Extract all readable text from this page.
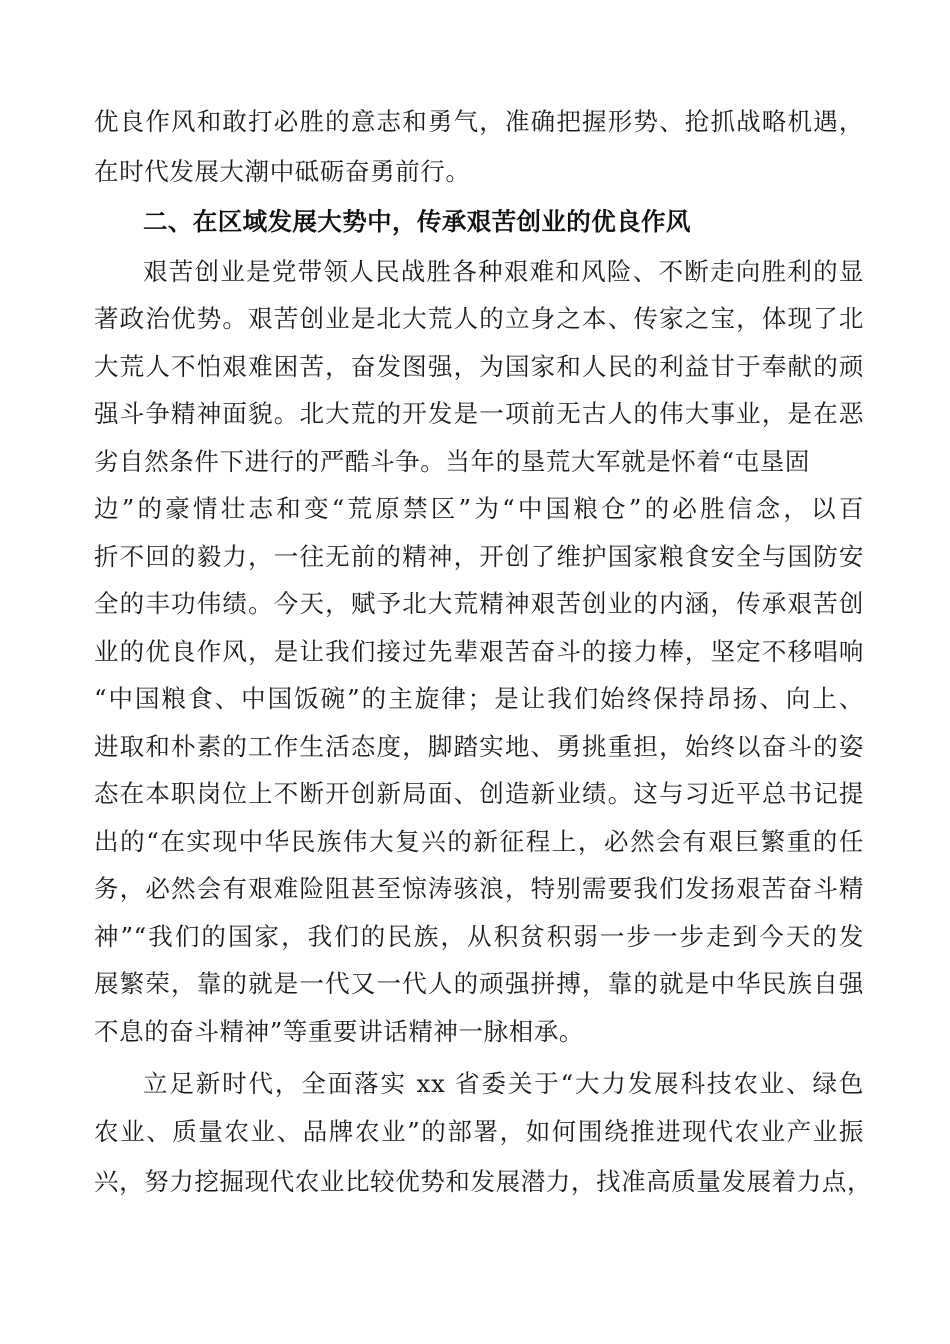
优良作风和敢打必胜的意志和勇气，准确把握形势、抢抓战略机遇，
在时代发展大潮中砥砺奋勇前行。
二、在区域发展大势中，传承艰苦创业的优良作风
艰苦创业是党带领人民战胜各种艰难和风险、不断走向胜利的显
著政治优势。艰苦创业是北大荒人的立身之本、传家之宝，体现了北
大荒人不怕艰难困苦，奋发图强，为国家和人民的利益甘于奉献的顽
强斗争精神面貌。北大荒的开发是一项前无古人的伟大事业，是在恶
劣自然条件下进行的严酷斗争。当年的垦荒大军就是怀着“屯垦固
边”的豪情壮志和变“荒原禁区”为“中国粮仓”的必胜信念，以百
折不回的毅力，一往无前的精神，开创了维护国家粮食安全与国防安
全的丰功伟绩。今天，赋予北大荒精神艰苦创业的内涵，传承艰苦创
业的优良作风，是让我们接过先辈艰苦奋斗的接力棒，坚定不移唱响
“中国粮食、中国饭碗”的主旋律；是让我们始终保持昂扬、向上、
进取和朴素的工作生活态度，脚踏实地、勇挑重担，始终以奋斗的姿
态在本职岗位上不断开创新局面、创造新业绩。这与习近平总书记提
出的“在实现中华民族伟大复兴的新征程上，必然会有艰巨繁重的任
务，必然会有艰难险阻甚至惊涛骇浪，特别需要我们发扬艰苦奋斗精
神”“我们的国家，我们的民族，从积贫积弱一步一步走到今天的发
展繁荣，靠的就是一代又一代人的顽强拼搏，靠的就是中华民族自强
不息的奋斗精神”等重要讲话精神一脉相承。
立足新时代，全面落实 xx 省委关于“大力发展科技农业、绿色
农业、质量农业、品牌农业”的部署，如何围绕推进现代农业产业振
兴，努力挖掘现代农业比较优势和发展潜力，找准高质量发展着力点，
